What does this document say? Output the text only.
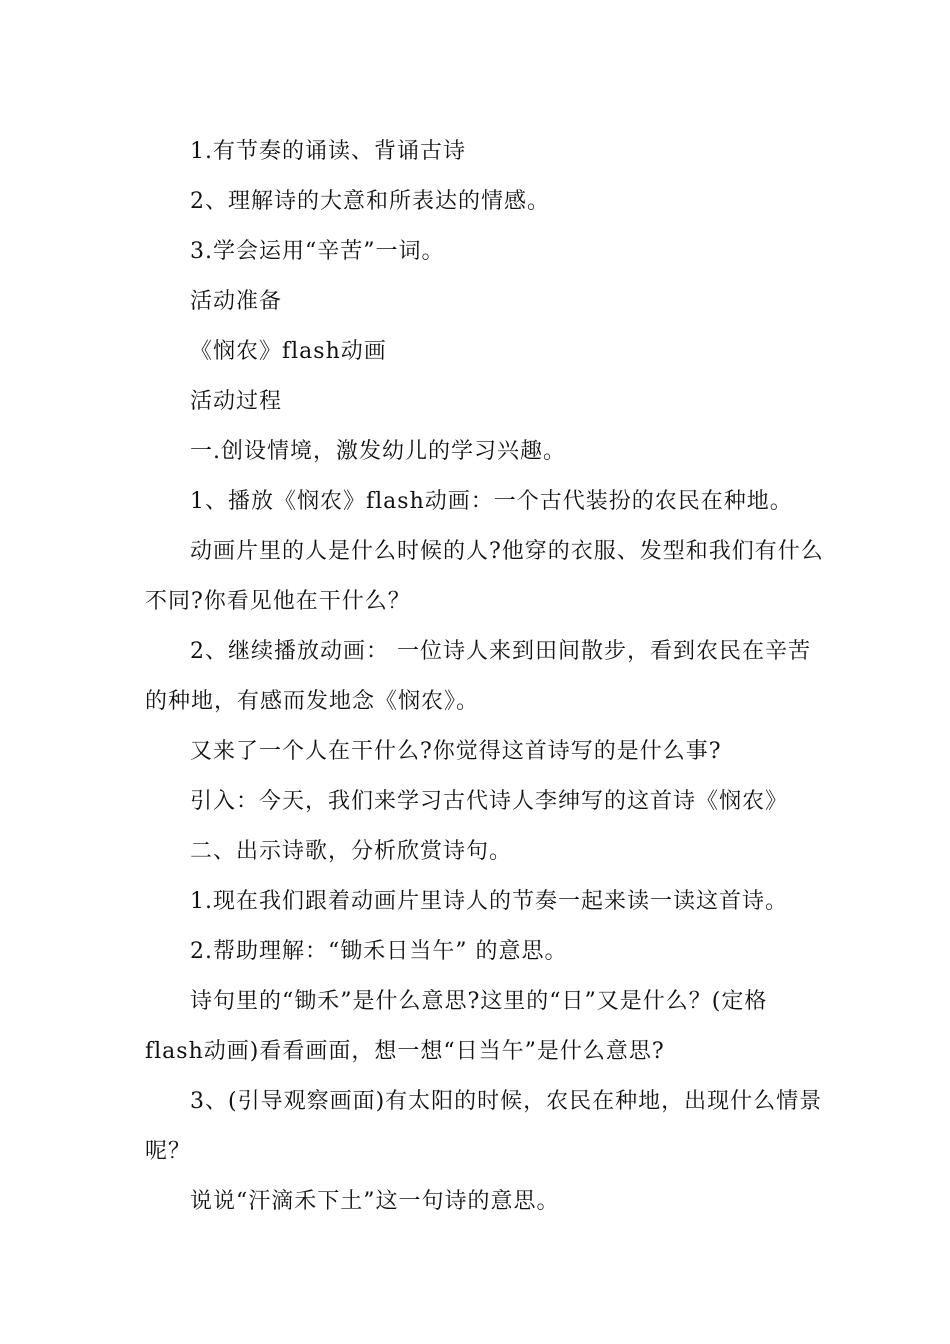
1.有节奏的诵读、背诵古诗
2、理解诗的大意和所表达的情感。
3.学会运用“辛苦”一词。
活动准备
《悯农》flash动画
活动过程
一.创设情境，激发幼儿的学习兴趣。
1、播放《悯农》flash动画：一个古代装扮的农民在种地。
动画片里的人是什么时候的人?他穿的衣服、发型和我们有什么
不同?你看见他在干什么？
2、继续播放动画： 一位诗人来到田间散步，看到农民在辛苦
的种地，有感而发地念《悯农》。
又来了一个人在干什么?你觉得这首诗写的是什么事?
引入：今天，我们来学习古代诗人李绅写的这首诗《悯农》
二、出示诗歌，分析欣赏诗句。
1.现在我们跟着动画片里诗人的节奏一起来读一读这首诗。
2.帮助理解：“锄禾日当午” 的意思。
诗句里的“锄禾”是什么意思?这里的“日”又是什么？(定格
flash动画)看看画面，想一想“日当午”是什么意思?
3、(引导观察画面)有太阳的时候，农民在种地，出现什么情景
呢？
说说“汗滴禾下土”这一句诗的意思。
